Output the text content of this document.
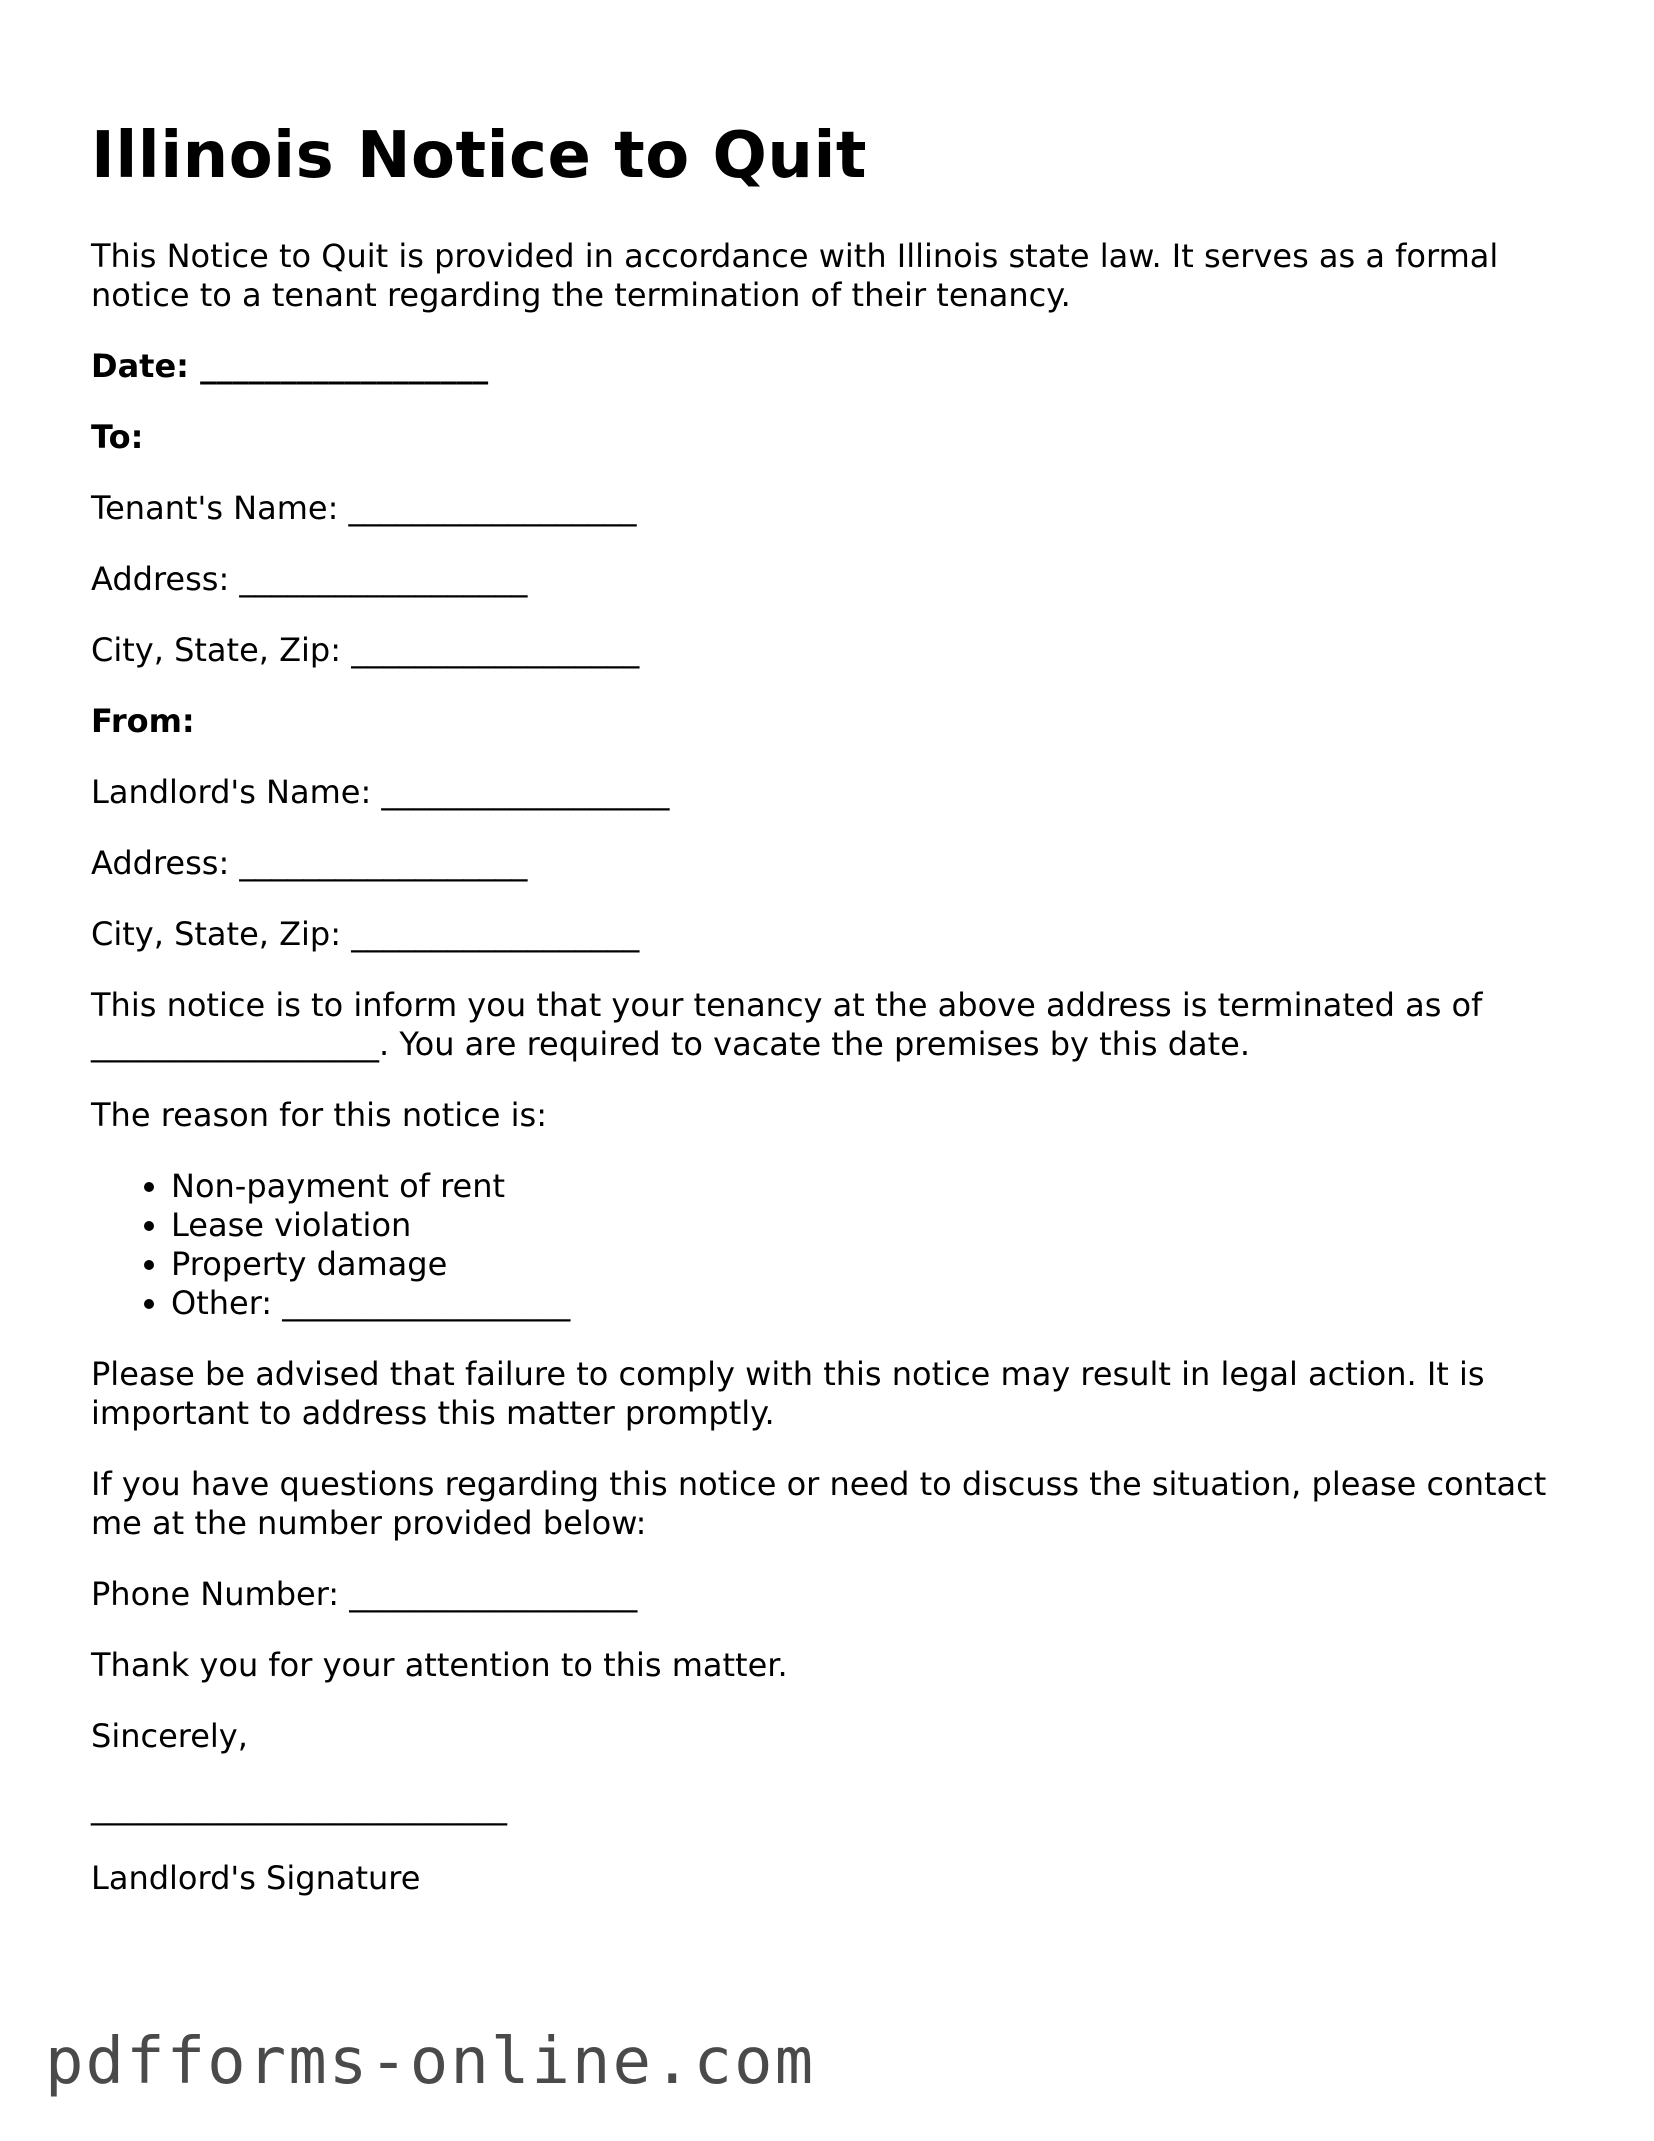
Illinois Notice to Quit

This Notice to Quit is provided in accordance with Illinois state law. It serves as a formal notice to a tenant regarding the termination of their tenancy.

Date: __________________

To:

Tenant's Name: __________________

Address: __________________

City, State, Zip: __________________

From:

Landlord's Name: __________________

Address: __________________

City, State, Zip: __________________

This notice is to inform you that your tenancy at the above address is terminated as of __________________. You are required to vacate the premises by this date.

The reason for this notice is:

• Non-payment of rent
• Lease violation
• Property damage
• Other: __________________

Please be advised that failure to comply with this notice may result in legal action. It is important to address this matter promptly.

If you have questions regarding this notice or need to discuss the situation, please contact me at the number provided below:

Phone Number: __________________

Thank you for your attention to this matter.

Sincerely,

__________________________

Landlord's Signature

pdfforms-online.com
